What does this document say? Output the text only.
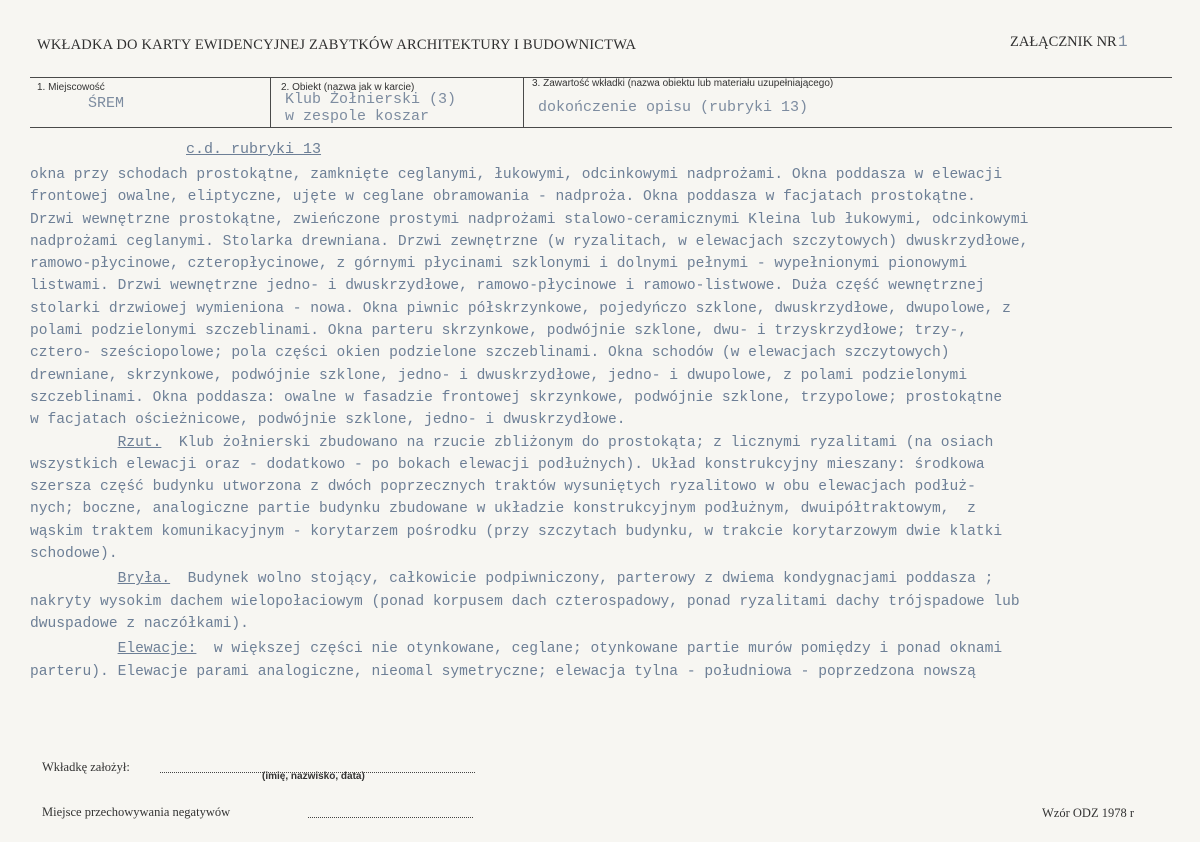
WKŁADKA DO KARTY EWIDENCYJNEJ ZABYTKÓW ARCHITEKTURY I BUDOWNICTWA	ZAŁĄCZNIK NR 1
1. Miejscowość
ŚREM
2. Obiekt (nazwa jak w karcie)
Klub Żołnierski (3)
w zespole koszar
3. Zawartość wkładki (nazwa obiektu lub materiału uzupełniającego)
dokończenie opisu (rubryki 13)
c.d. rubryki 13
okna przy schodach prostokątne, zamknięte ceglanymi, łukowymi, odcinkowymi nadprożami. Okna poddasza w elewacji
frontowej owalne, eliptyczne, ujęte w ceglane obramowania - nadproża. Okna poddasza w facjatach prostokątne.
Drzwi wewnętrzne prostokątne, zwieńczone prostymi nadprożami stalowo-ceramicznymi Kleina lub łukowymi, odcinkowymi
nadprożami ceglanymi. Stolarka drewniana. Drzwi zewnętrzne (w ryzalitach, w elewacjach szczytowych) dwuskrzydłowe,
ramowo-płycinowe, czteropłycinowe, z górnymi płycinami szklonymi i dolnymi pełnymi - wypełnionymi pionowymi
listwami. Drzwi wewnętrzne jedno- i dwuskrzydłowe, ramowo-płycinowe i ramowo-listwowe. Duża część wewnętrznej
stolarki drzwiowej wymieniona - nowa. Okna piwnic półskrzynkowe, pojedyńczo szklone, dwuskrzydłowe, dwupolowe, z
polami podzielonymi szczeblinami. Okna parteru skrzynkowe, podwójnie szklone, dwu- i trzyskrzydłowe; trzy-,
cztero- sześciopolowe; pola części okien podzielone szczeblinami. Okna schodów (w elewacjach szczytowych)
drewniane, skrzynkowe, podwójnie szklone, jedno- i dwuskrzydłowe, jedno- i dwupolowe, z polami podzielonymi
szczeblinami. Okna poddasza: owalne w fasadzie frontowej skrzynkowe, podwójnie szklone, trzypolowe; prostokątne
w facjatach ościeżnicowe, podwójnie szklone, jedno- i dwuskrzydłowe.
Rzut. Klub żołnierski zbudowano na rzucie zbliżonym do prostokąta; z licznymi ryzalitami (na osiach
wszystkich elewacji oraz - dodatkowo - po bokach elewacji podłużnych). Układ konstrukcyjny mieszany: środkowa
szersza część budynku utworzona z dwóch poprzecznych traktów wysuniętych ryzalitowo w obu elewacjach podłuż-
nych; boczne, analogiczne partie budynku zbudowane w układzie konstrukcyjnym podłużnym, dwuipółtraktowym,  z
wąskim traktem komunikacyjnym - korytarzem pośrodku (przy szczytach budynku, w trakcie korytarzowym dwie klatki
schodowe).
Bryła. Budynek wolno stojący, całkowicie podpiwniczony, parterowy z dwiema kondygnacjami poddasza ;
nakryty wysokim dachem wielopołaciowym (ponad korpusem dach czterospadowy, ponad ryzalitami dachy trójspadowe lub
dwuspadowe z naczółkami).
Elewacje: w większej części nie otynkowane, ceglane; otynkowane partie murów pomiędzy i ponad oknami
parteru). Elewacje parami analogiczne, nieomal symetryczne; elewacja tylna - południowa - poprzedzona nowszą
Wkładkę założył:
(imię, nazwisko, data)
Miejsce przechowywania negatywów	Wzór ODZ 1978 r
